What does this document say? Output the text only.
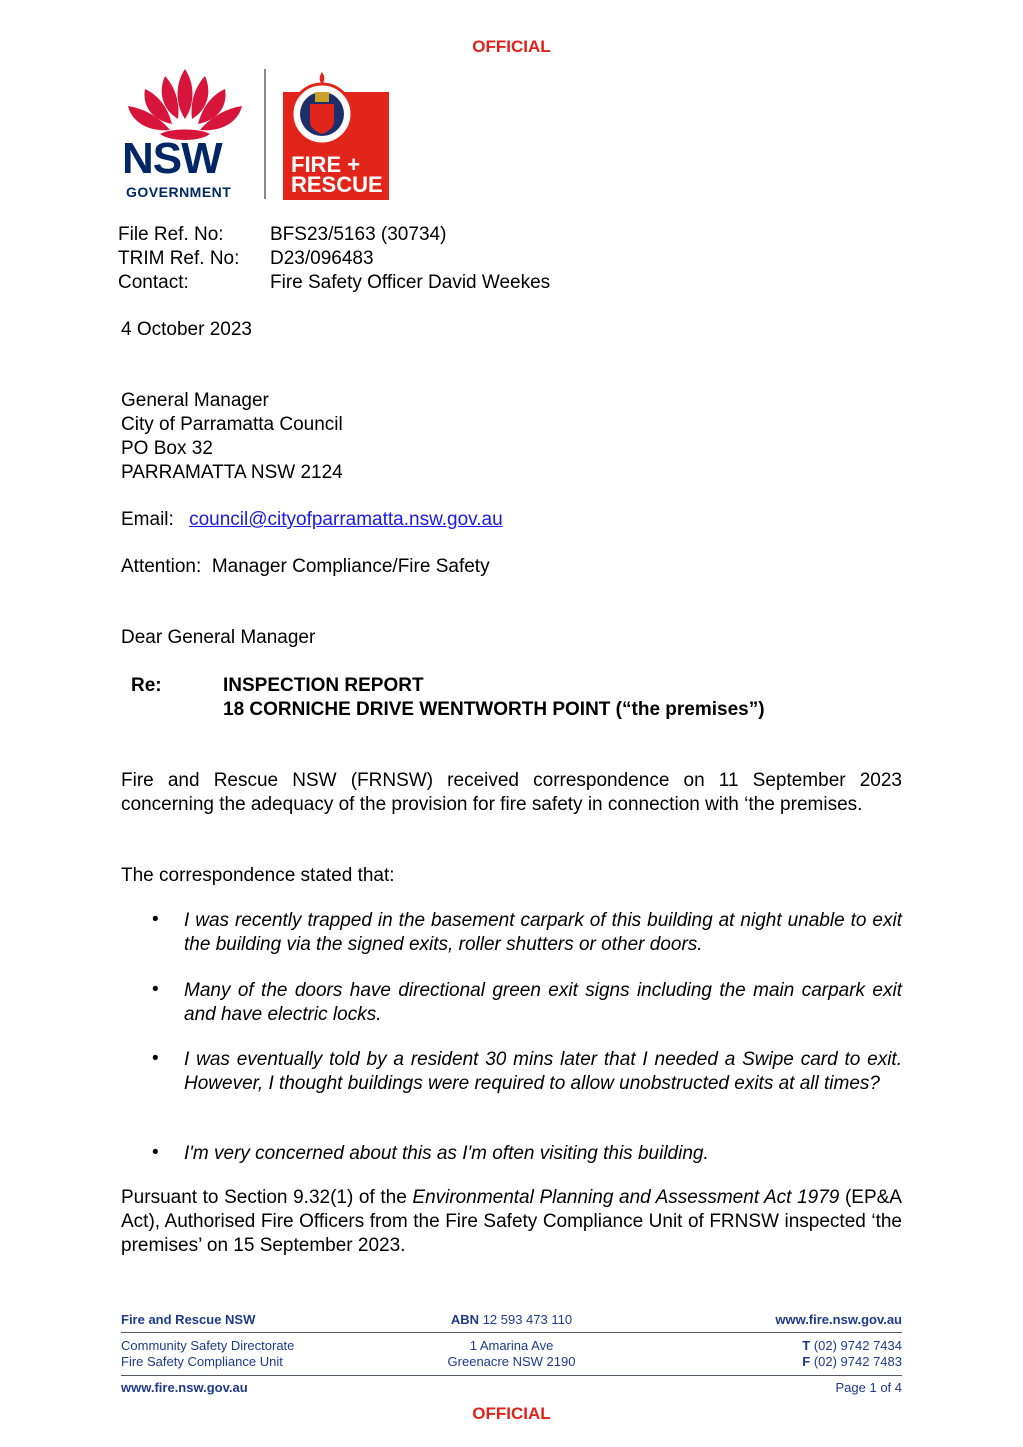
OFFICIAL
NSW
GOVERNMENT
FIRE +
RESCUE
File Ref. No: BFS23/5163 (30734)
TRIM Ref. No: D23/096483
Contact:	Fire Safety Officer David Weekes
4 October 2023
General Manager
City of Parramatta Council
PO Box 32
PARRAMATTA NSW 2124
Email: council@cityofparramatta.nsw.gov.au
Attention:  Manager Compliance/Fire Safety
Dear General Manager
Re:	INSPECTION REPORT
18 CORNICHE DRIVE WENTWORTH POINT (“the premises”)
Fire and Rescue NSW (FRNSW) received correspondence on 11 September 2023 concerning the adequacy of the provision for fire safety in connection with ‘the premises.
The correspondence stated that:
• I was recently trapped in the basement carpark of this building at night unable to exit the building via the signed exits, roller shutters or other doors.
• Many of the doors have directional green exit signs including the main carpark exit and have electric locks.
• I was eventually told by a resident 30 mins later that I needed a Swipe card to exit. However, I thought buildings were required to allow unobstructed exits at all times?
• I'm very concerned about this as I'm often visiting this building.
Pursuant to Section 9.32(1) of the Environmental Planning and Assessment Act 1979 (EP&A Act), Authorised Fire Officers from the Fire Safety Compliance Unit of FRNSW inspected ‘the premises’ on 15 September 2023.
Fire and Rescue NSW	ABN 12 593 473 110	www.fire.nsw.gov.au
Community Safety Directorate
Fire Safety Compliance Unit
1 Amarina Ave
Greenacre NSW 2190
T (02) 9742 7434
F (02) 9742 7483
www.fire.nsw.gov.au	Page 1 of 4
OFFICIAL
